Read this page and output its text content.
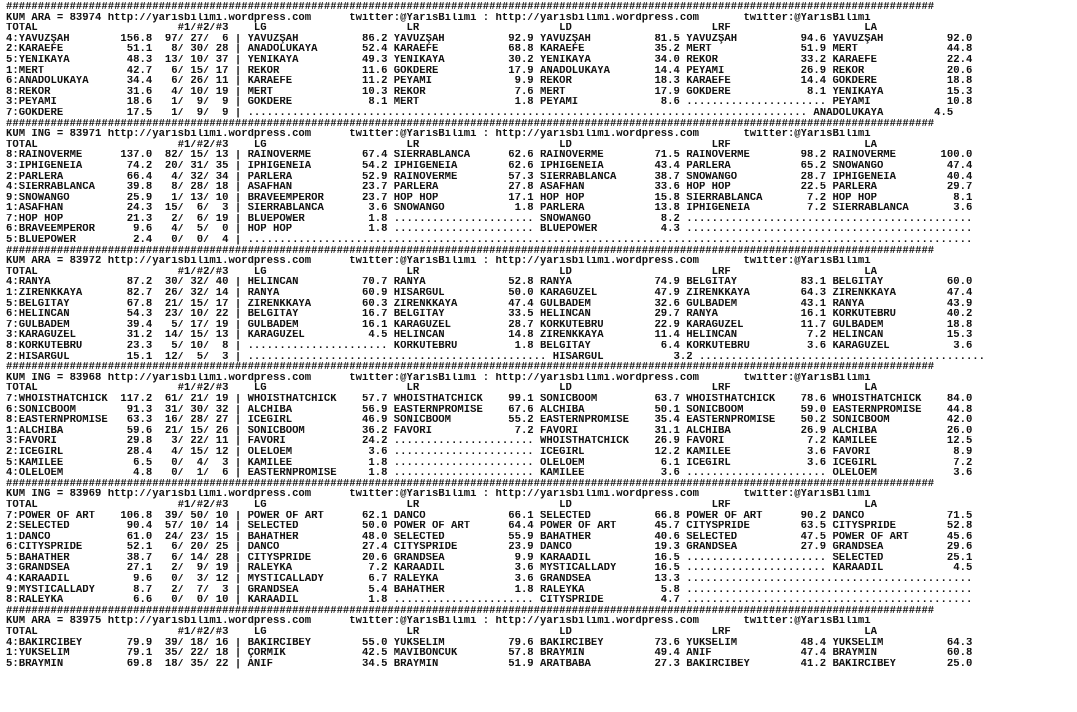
##################################################################################################################################################
KUM ARA = 83974 http://yarisbilimi.wordpress.com      twitter:@YarisBilimi : http://yarisbilimi.wordpress.com       twitter:@YarisBilimi
TOTAL                      #1/#2/#3    LG                      LR                      LD                      LRF                     LA
4:YAVUZŞAH        156.8  97/ 27/  6 | YAVUZŞAH          86.2 YAVUZŞAH          92.9 YAVUZŞAH          81.5 YAVUZŞAH          94.6 YAVUZŞAH          92.0
2:KARAEFE          51.1   8/ 30/ 28 | ANADOLUKAYA       52.4 KARAEFE           68.8 KARAEFE           35.2 MERT              51.9 MERT              44.8
5:YENİKAYA         48.3  13/ 10/ 37 | YENİKAYA          49.3 YENİKAYA          30.2 YENİKAYA          34.0 REKOR             33.2 KARAEFE           22.4
1:MERT             42.7   6/ 15/ 17 | REKOR             11.6 GÖKDERE           17.9 ANADOLUKAYA       14.4 PEYAMİ            26.9 REKOR             20.6
6:ANADOLUKAYA      34.4   6/ 26/ 11 | KARAEFE           11.2 PEYAMİ             9.9 REKOR             18.3 KARAEFE           14.4 GÖKDERE           18.8
8:REKOR            31.6   4/ 10/ 19 | MERT              10.3 REKOR              7.6 MERT              17.9 GÖKDERE            8.1 YENİKAYA          15.3
3:PEYAMİ           18.6   1/  9/  9 | GÖKDERE            8.1 MERT               1.8 PEYAMİ             8.6 ...................... PEYAMİ            10.8
7:GÖKDERE          17.5   1/  9/  9 | ........................................................................................ ANADOLUKAYA        4.5
##################################################################################################################################################
KUM ING = 83971 http://yarisbilimi.wordpress.com      twitter:@YarisBilimi : http://yarisbilimi.wordpress.com       twitter:@YarisBilimi
TOTAL                      #1/#2/#3    LG                      LR                      LD                      LRF                     LA
8:RAINOVERME      137.0  82/ 15/ 13 | RAINOVERME        67.4 SIERRABLANCA      62.6 RAINOVERME        71.5 RAINOVERME        98.2 RAINOVERME       100.0
3:IPHIGENEIA       74.2  20/ 31/ 35 | IPHIGENEIA        54.2 IPHIGENEIA        62.6 IPHIGENEIA        43.4 PARLERA           65.2 SNOWANGO          47.4
2:PARLERA          66.4   4/ 32/ 34 | PARLERA           52.9 RAINOVERME        57.3 SIERRABLANCA      38.7 SNOWANGO          28.7 IPHIGENEIA        40.4
4:SIERRABLANCA     39.8   8/ 28/ 18 | ASAFHAN           23.7 PARLERA           27.8 ASAFHAN           33.6 HOP HOP           22.5 PARLERA           29.7
9:SNOWANGO         25.9   1/ 13/ 10 | BRAVEEMPEROR      23.7 HOP HOP           17.1 HOP HOP           15.8 SIERRABLANCA       7.2 HOP HOP            8.1
1:ASAFHAN          24.3  15/  6/  3 | SIERRABLANCA       3.6 SNOWANGO           1.8 PARLERA           13.8 IPHIGENEIA         7.2 SIERRABLANCA       3.6
7:HOP HOP          21.3   2/  6/ 19 | BLUEPOWER          1.8 ...................... SNOWANGO           8.2 .............................................
6:BRAVEEMPEROR      9.6   4/  5/  0 | HOP HOP            1.8 ...................... BLUEPOWER          4.3 .............................................
5:BLUEPOWER         2.4   0/  0/  4 | ..................................................................................................................
##################################################################################################################################################
KUM ARA = 83972 http://yarisbilimi.wordpress.com      twitter:@YarisBilimi : http://yarisbilimi.wordpress.com       twitter:@YarisBilimi
TOTAL                      #1/#2/#3    LG                      LR                      LD                      LRF                     LA
4:RANYA            87.2  30/ 32/ 40 | HELİNCAN          70.7 RANYA             52.8 RANYA             74.9 BELGİTAY          83.1 BELGİTAY          60.0
1:ZİRENKKAYA       82.7  26/ 32/ 14 | RANYA             60.9 HİSARGÜL          50.0 KARAGÜZEL         47.9 ZİRENKKAYA        64.3 ZİRENKKAYA        47.4
5:BELGİTAY         67.8  21/ 15/ 17 | ZİRENKKAYA        60.3 ZİRENKKAYA        47.4 GÜLBADEM          32.6 GÜLBADEM          43.1 RANYA             43.9
6:HELİNCAN         54.3  23/ 10/ 22 | BELGİTAY          16.7 BELGİTAY          33.5 HELİNCAN          29.7 RANYA             16.1 KORKUTEBRU        40.2
7:GÜLBADEM         39.4   5/ 17/ 19 | GÜLBADEM          16.1 KARAGÜZEL         28.7 KORKUTEBRU        22.9 KARAGÜZEL         11.7 GÜLBADEM          18.8
3:KARAGÜZEL        31.2  14/ 15/ 13 | KARAGÜZEL          4.5 HELİNCAN          14.8 ZİRENKKAYA        11.4 HELİNCAN           7.2 HELİNCAN          15.3
8:KORKUTEBRU       23.3   5/ 10/  8 | ...................... KORKUTEBRU         1.8 BELGİTAY           6.4 KORKUTEBRU         3.6 KARAGÜZEL          3.6
2:HİSARGÜL         15.1  12/  5/  3 | ............................................... HİSARGÜL           3.2 .............................................
##################################################################################################################################################
KUM ING = 83968 http://yarisbilimi.wordpress.com      twitter:@YarisBilimi : http://yarisbilimi.wordpress.com       twitter:@YarisBilimi
TOTAL                      #1/#2/#3    LG                      LR                      LD                      LRF                     LA
7:WHOISTHATCHICK  117.2  61/ 21/ 19 | WHOISTHATCHICK    57.7 WHOISTHATCHICK    99.1 SONICBOOM         63.7 WHOISTHATCHICK    78.6 WHOISTHATCHICK    84.0
6:SONICBOOM        91.3  31/ 30/ 32 | ALCHIBA           56.9 EASTERNPROMISE    67.6 ALCHIBA           50.1 SONICBOOM         59.0 EASTERNPROMISE    44.8
8:EASTERNPROMISE   63.3  16/ 28/ 27 | ICEGIRL           46.9 SONICBOOM         55.2 EASTERNPROMISE    35.4 EASTERNPROMISE    50.2 SONICBOOM         42.0
1:ALCHIBA          59.6  21/ 15/ 26 | SONICBOOM         36.2 FAVORİ             7.2 FAVORİ            31.1 ALCHIBA           26.9 ALCHIBA           26.0
3:FAVORİ           29.8   3/ 22/ 11 | FAVORİ            24.2 ...................... WHOISTHATCHICK    26.9 FAVORİ             7.2 KAMILEE           12.5
2:ICEGIRL          28.4   4/ 15/ 12 | OLELOEM            3.6 ...................... ICEGIRL           12.2 KAMILEE            3.6 FAVORİ             8.9
5:KAMILEE           6.5   0/  4/  3 | KAMILEE            1.8 ...................... OLELOEM            6.1 ICEGIRL            3.6 ICEGIRL            7.2
4:OLELOEM           4.8   0/  1/  6 | EASTERNPROMISE     1.8 ...................... KAMILEE            3.6 ...................... OLELOEM            3.6
##################################################################################################################################################
KUM ING = 83969 http://yarisbilimi.wordpress.com      twitter:@YarisBilimi : http://yarisbilimi.wordpress.com       twitter:@YarisBilimi
TOTAL                      #1/#2/#3    LG                      LR                      LD                      LRF                     LA
7:POWER OF ART    106.8  39/ 50/ 10 | POWER OF ART      62.1 DANCO             66.1 SELECTED          66.8 POWER OF ART      90.2 DANCO             71.5
2:SELECTED         90.4  57/ 10/ 14 | SELECTED          50.0 POWER OF ART      64.4 POWER OF ART      45.7 CITYSPRIDE        63.5 CITYSPRIDE        52.8
1:DANCO            61.0  24/ 23/ 15 | BAHATHER          48.0 SELECTED          55.9 BAHATHER          40.6 SELECTED          47.5 POWER OF ART      45.6
6:CITYSPRIDE       52.1   6/ 20/ 25 | DANCO             27.4 CITYSPRIDE        23.9 DANCO             19.3 GRANDSEA          27.9 GRANDSEA          29.6
5:BAHATHER         38.7   6/ 14/ 28 | CITYSPRIDE        20.6 GRANDSEA           9.9 KARAADİL          16.5 ...................... SELECTED          25.1
3:GRANDSEA         27.1   2/  9/ 19 | RALEYKA            7.2 KARAADİL           3.6 MYSTICALLADY      16.5 ...................... KARAADİL           4.5
4:KARAADİL          9.6   0/  3/ 12 | MYSTICALLADY       6.7 RALEYKA            3.6 GRANDSEA          13.3 .............................................
9:MYSTICALLADY      8.7   2/  7/  3 | GRANDSEA           5.4 BAHATHER           1.8 RALEYKA            5.8 .............................................
8:RALEYKA           6.6   0/  0/ 10 | KARAADİL           1.8 ...................... CITYSPRIDE         4.7 .............................................
##################################################################################################################################################
KUM ARA = 83975 http://yarisbilimi.wordpress.com      twitter:@YarisBilimi : http://yarisbilimi.wordpress.com       twitter:@YarisBilimi
TOTAL                      #1/#2/#3    LG                      LR                      LD                      LRF                     LA
4:BAKIRCIBEY       79.9  39/ 18/ 16 | BAKIRCIBEY        55.0 YÜKSELİM          79.6 BAKIRCIBEY        73.6 YÜKSELİM          48.4 YÜKSELİM          64.3
1:YÜKSELİM         79.1  35/ 22/ 18 | ÇORMİK            42.5 MAVİBONCUK        57.8 BRAYMİN           49.4 ANİF              47.4 BRAYMİN           60.8
5:BRAYMİN          69.8  18/ 35/ 22 | ANİF              34.5 BRAYMİN           51.9 ARATBABA          27.3 BAKIRCIBEY        41.2 BAKIRCIBEY        25.0
